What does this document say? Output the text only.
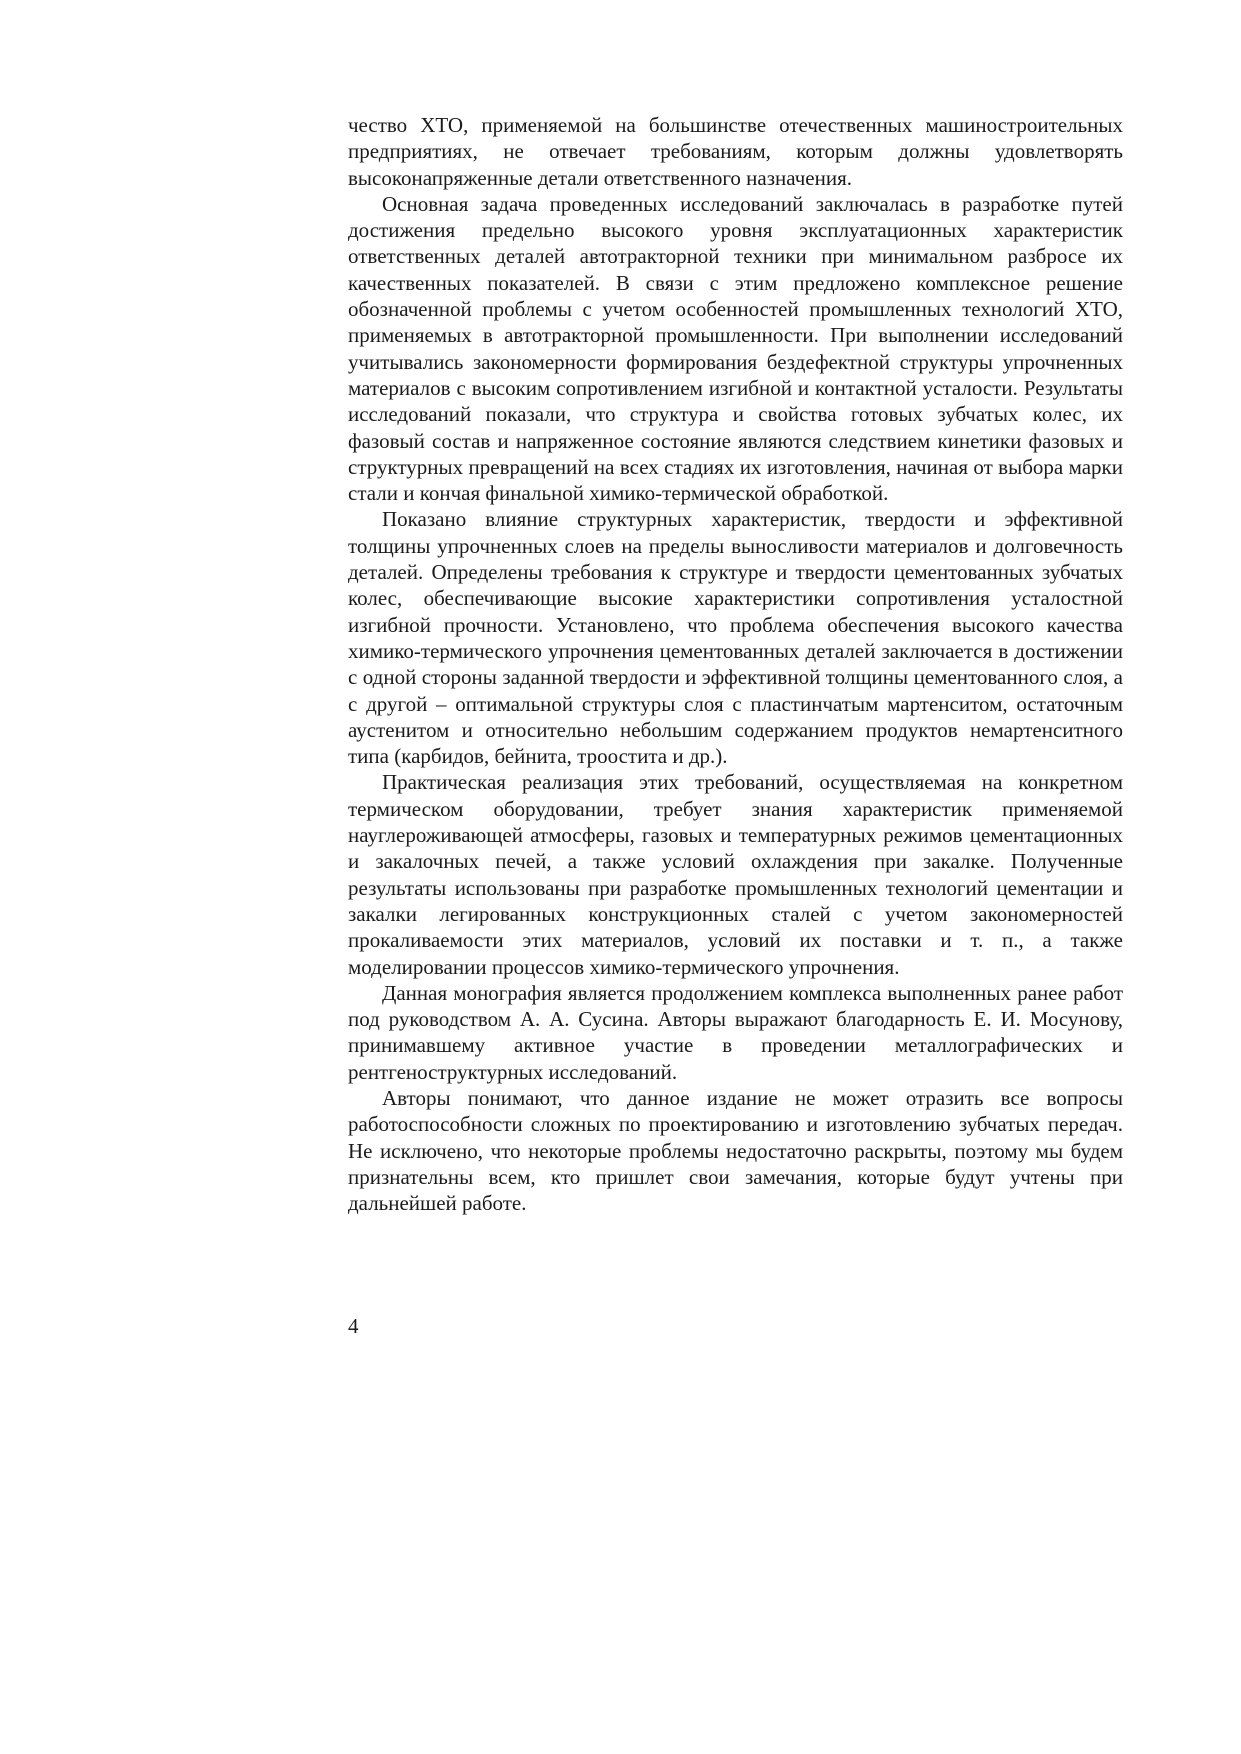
чество ХТО, применяемой на большинстве отечественных машиностроительных предприятиях, не отвечает требованиям, которым должны удовлетворять высоконапряженные детали ответственного назначения.

Основная задача проведенных исследований заключалась в разработке путей достижения предельно высокого уровня эксплуатационных характеристик ответственных деталей автотракторной техники при минимальном разбросе их качественных показателей. В связи с этим предложено комплексное решение обозначенной проблемы с учетом особенностей промышленных технологий ХТО, применяемых в автотракторной промышленности. При выполнении исследований учитывались закономерности формирования бездефектной структуры упрочненных материалов с высоким сопротивлением изгибной и контактной усталости. Результаты исследований показали, что структура и свойства готовых зубчатых колес, их фазовый состав и напряженное состояние являются следствием кинетики фазовых и структурных превращений на всех стадиях их изготовления, начиная от выбора марки стали и кончая финальной химико-термической обработкой.

Показано влияние структурных характеристик, твердости и эффективной толщины упрочненных слоев на пределы выносливости материалов и долговечность деталей. Определены требования к структуре и твердости цементованных зубчатых колес, обеспечивающие высокие характеристики сопротивления усталостной изгибной прочности. Установлено, что проблема обеспечения высокого качества химико-термического упрочнения цементованных деталей заключается в достижении с одной стороны заданной твердости и эффективной толщины цементованного слоя, а с другой – оптимальной структуры слоя с пластинчатым мартенситом, остаточным аустенитом и относительно небольшим содержанием продуктов немартенситного типа (карбидов, бейнита, троостита и др.).

Практическая реализация этих требований, осуществляемая на конкретном термическом оборудовании, требует знания характеристик применяемой науглероживающей атмосферы, газовых и температурных режимов цементационных и закалочных печей, а также условий охлаждения при закалке. Полученные результаты использованы при разработке промышленных технологий цементации и закалки легированных конструкционных сталей с учетом закономерностей прокаливаемости этих материалов, условий их поставки и т. п., а также моделировании процессов химико-термического упрочнения.

Данная монография является продолжением комплекса выполненных ранее работ под руководством А. А. Сусина. Авторы выражают благодарность Е. И. Мосунову, принимавшему активное участие в проведении металлографических и рентгеноструктурных исследований.

Авторы понимают, что данное издание не может отразить все вопросы работоспособности сложных по проектированию и изготовлению зубчатых передач. Не исключено, что некоторые проблемы недостаточно раскрыты, поэтому мы будем признательны всем, кто пришлет свои замечания, которые будут учтены при дальнейшей работе.

4
